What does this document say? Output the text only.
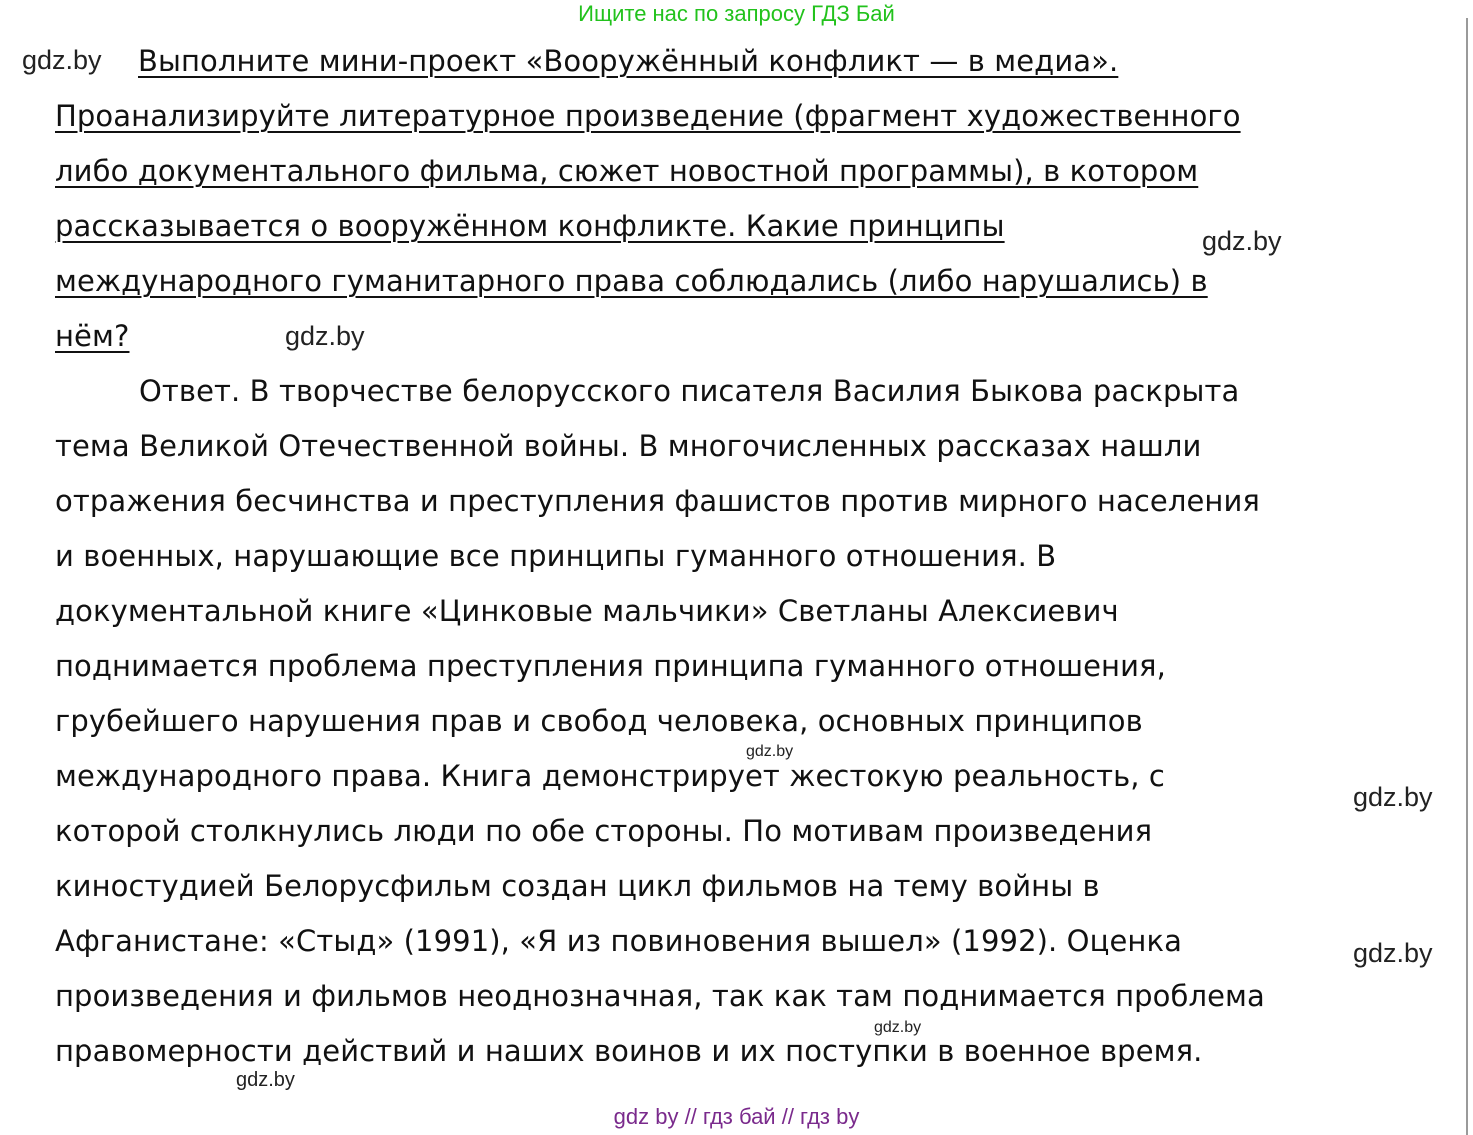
Ищите нас по запросу ГДЗ Бай
Выполните мини-проект «Вооружённый конфликт — в медиа».
Проанализируйте литературное произведение (фрагмент художественного
либо документального фильма, сюжет новостной программы), в котором
рассказывается о вооружённом конфликте. Какие принципы
международного гуманитарного права соблюдались (либо нарушались) в
нём?
Ответ. В творчестве белорусского писателя Василия Быкова раскрыта
тема Великой Отечественной войны. В многочисленных рассказах нашли
отражения бесчинства и преступления фашистов против мирного населения
и военных, нарушающие все принципы гуманного отношения. В
документальной книге «Цинковые мальчики» Светланы Алексиевич
поднимается проблема преступления принципа гуманного отношения,
грубейшего нарушения прав и свобод человека, основных принципов
международного права. Книга демонстрирует жестокую реальность, с
которой столкнулись люди по обе стороны. По мотивам произведения
киностудией Белорусфильм создан цикл фильмов на тему войны в
Афганистане: «Стыд» (1991), «Я из повиновения вышел» (1992). Оценка
произведения и фильмов неоднозначная, так как там поднимается проблема
правомерности действий и наших воинов и их поступки в военное время.
gdz.by
gdz.by
gdz.by
gdz.by
gdz.by
gdz.by
gdz.by
gdz.by
gdz by // гдз бай // гдз by
